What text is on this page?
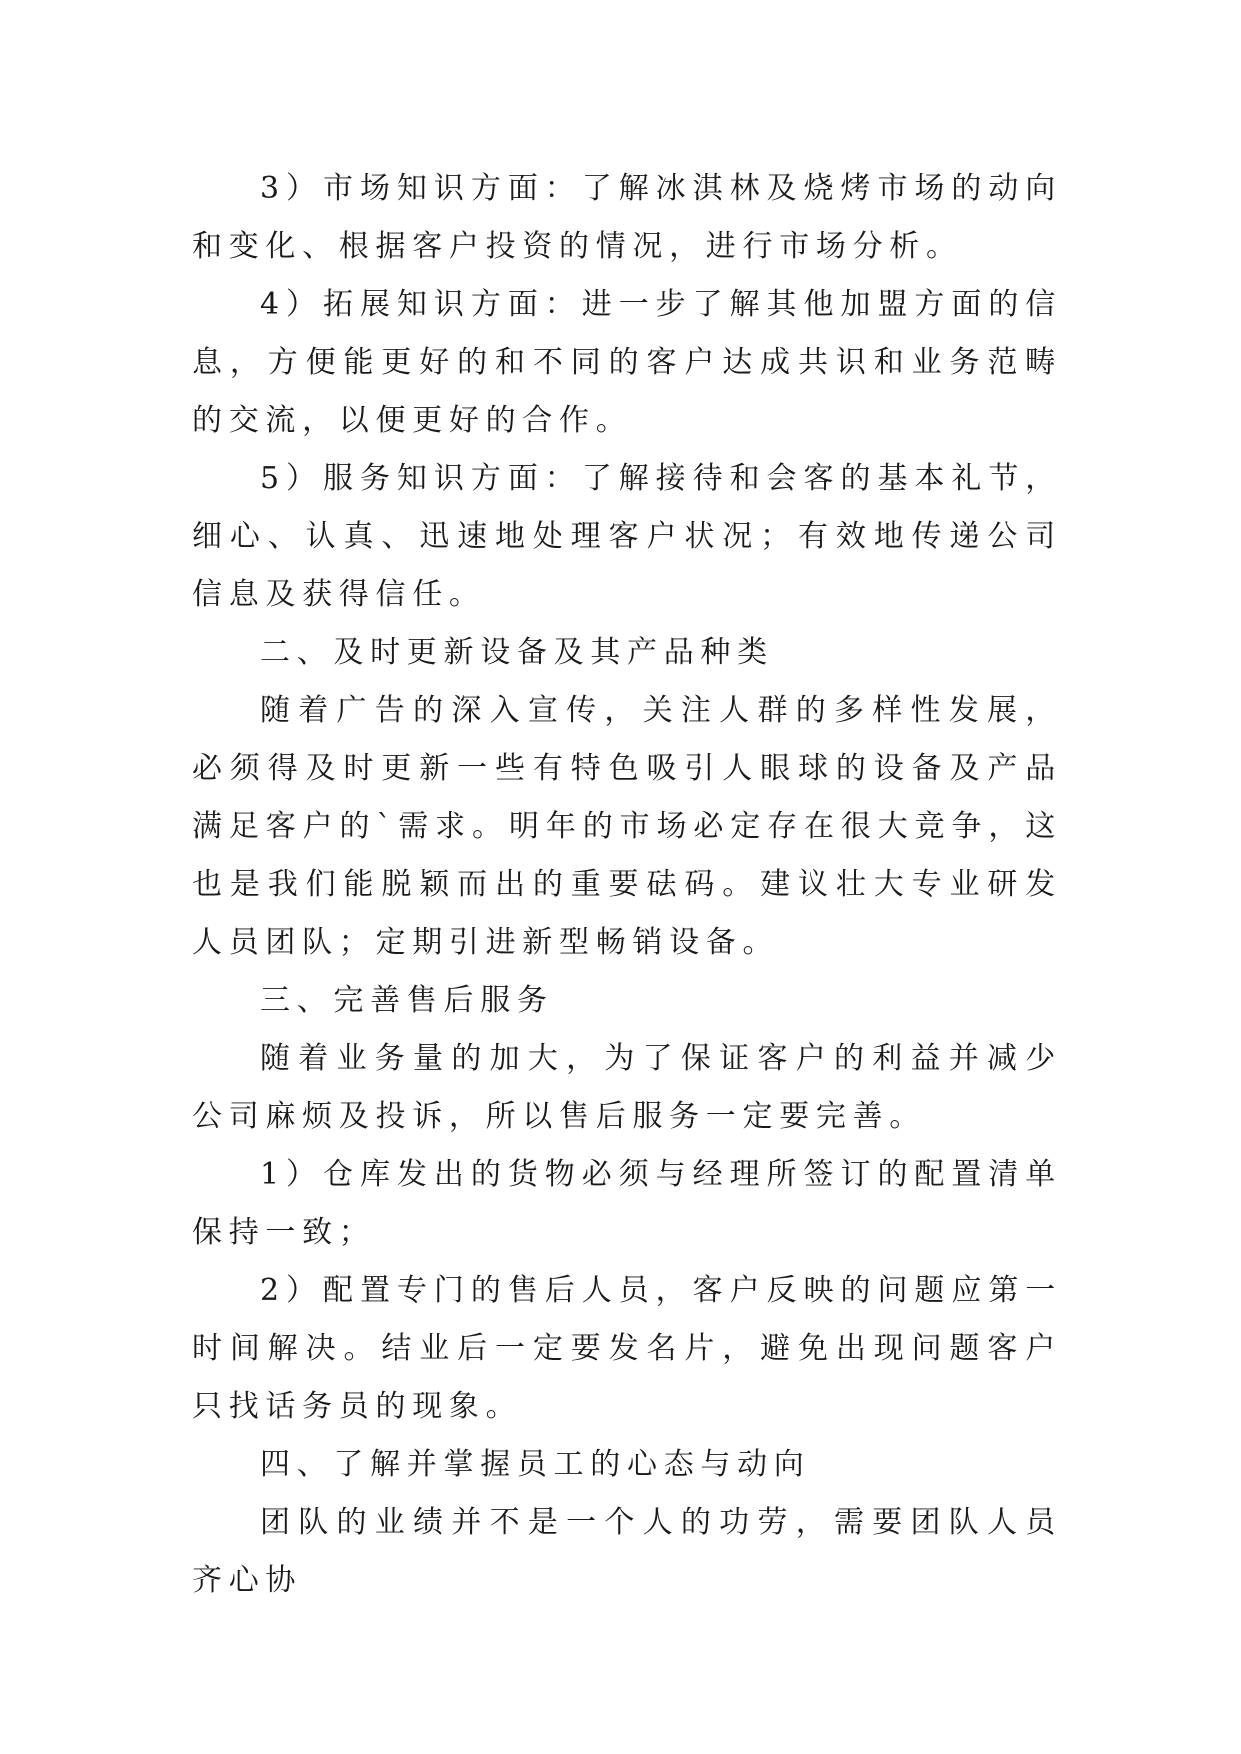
3）市场知识方面：了解冰淇林及烧烤市场的动向和变化、根据客户投资的情况，进行市场分析。

4）拓展知识方面：进一步了解其他加盟方面的信息，方便能更好的和不同的客户达成共识和业务范畴的交流，以便更好的合作。

5）服务知识方面：了解接待和会客的基本礼节，细心、认真、迅速地处理客户状况；有效地传递公司信息及获得信任。

二、及时更新设备及其产品种类

随着广告的深入宣传，关注人群的多样性发展，必须得及时更新一些有特色吸引人眼球的设备及产品满足客户的`需求。明年的市场必定存在很大竞争，这也是我们能脱颖而出的重要砝码。建议壮大专业研发人员团队；定期引进新型畅销设备。

三、完善售后服务

随着业务量的加大，为了保证客户的利益并减少公司麻烦及投诉，所以售后服务一定要完善。

1）仓库发出的货物必须与经理所签订的配置清单保持一致；

2）配置专门的售后人员，客户反映的问题应第一时间解决。结业后一定要发名片，避免出现问题客户只找话务员的现象。

四、了解并掌握员工的心态与动向

团队的业绩并不是一个人的功劳，需要团队人员齐心协
